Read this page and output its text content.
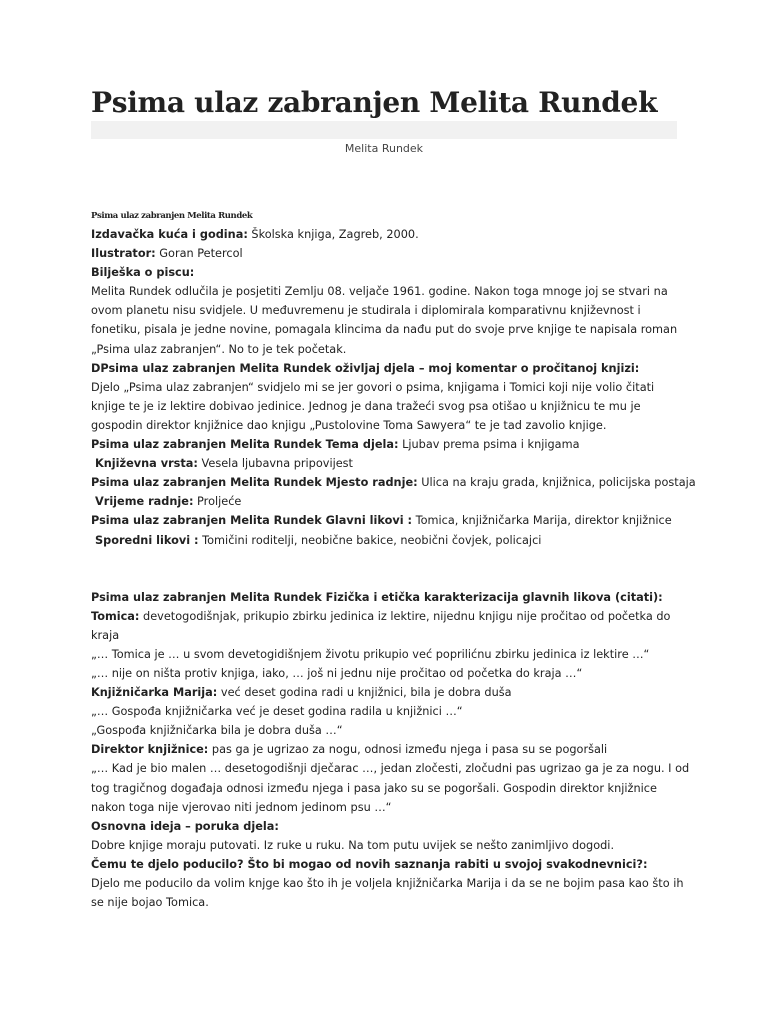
Psima ulaz zabranjen Melita Rundek
Melita Rundek
Psima ulaz zabranjen Melita Rundek
Izdavačka kuća i godina: Školska knjiga, Zagreb, 2000.
Ilustrator: Goran Petercol
Bilješka o piscu:
Melita Rundek odlučila je posjetiti Zemlju 08. veljače 1961. godine. Nakon toga mnoge joj se stvari na
ovom planetu nisu svidjele. U međuvremenu je studirala i diplomirala komparativnu književnost i
fonetiku, pisala je jedne novine, pomagala klincima da nađu put do svoje prve knjige te napisala roman
„Psima ulaz zabranjen“. No to je tek početak.
DPsima ulaz zabranjen Melita Rundek oživljaj djela – moj komentar o pročitanoj knjizi:
Djelo „Psima ulaz zabranjen“ svidjelo mi se jer govori o psima, knjigama i Tomici koji nije volio čitati
knjige te je iz lektire dobivao jedinice. Jednog je dana tražeći svog psa otišao u knjižnicu te mu je
gospodin direktor knjižnice dao knjigu „Pustolovine Toma Sawyera“ te je tad zavolio knjige.
Psima ulaz zabranjen Melita Rundek Tema djela: Ljubav prema psima i knjigama
Književna vrsta: Vesela ljubavna pripovijest
Psima ulaz zabranjen Melita Rundek Mjesto radnje: Ulica na kraju grada, knjižnica, policijska postaja
Vrijeme radnje: Proljeće
Psima ulaz zabranjen Melita Rundek Glavni likovi : Tomica, knjižničarka Marija, direktor knjižnice
Sporedni likovi : Tomičini roditelji, neobične bakice, neobični čovjek, policajci
Psima ulaz zabranjen Melita Rundek Fizička i etička karakterizacija glavnih likova (citati):
Tomica: devetogodišnjak, prikupio zbirku jedinica iz lektire, nijednu knjigu nije pročitao od početka do
kraja
„… Tomica je … u svom devetogidišnjem životu prikupio već poprilićnu zbirku jedinica iz lektire …“
„… nije on ništa protiv knjiga, iako, … još ni jednu nije pročitao od početka do kraja …“
Knjižničarka Marija: već deset godina radi u knjižnici, bila je dobra duša
„… Gospođa knjižničarka već je deset godina radila u knjižnici …“
„Gospođa knjižničarka bila je dobra duša …“
Direktor knjižnice: pas ga je ugrizao za nogu, odnosi između njega i pasa su se pogoršali
„… Kad je bio malen … desetogodišnji dječarac …, jedan zločesti, zločudni pas ugrizao ga je za nogu. I od
tog tragičnog događaja odnosi između njega i pasa jako su se pogoršali. Gospodin direktor knjižnice
nakon toga nije vjerovao niti jednom jedinom psu …“
Osnovna ideja – poruka djela:
Dobre knjige moraju putovati. Iz ruke u ruku. Na tom putu uvijek se nešto zanimljivo dogodi.
Čemu te djelo poducilo? Što bi mogao od novih saznanja rabiti u svojoj svakodnevnici?:
Djelo me poducilo da volim knjge kao što ih je voljela knjižničarka Marija i da se ne bojim pasa kao što ih
se nije bojao Tomica.
